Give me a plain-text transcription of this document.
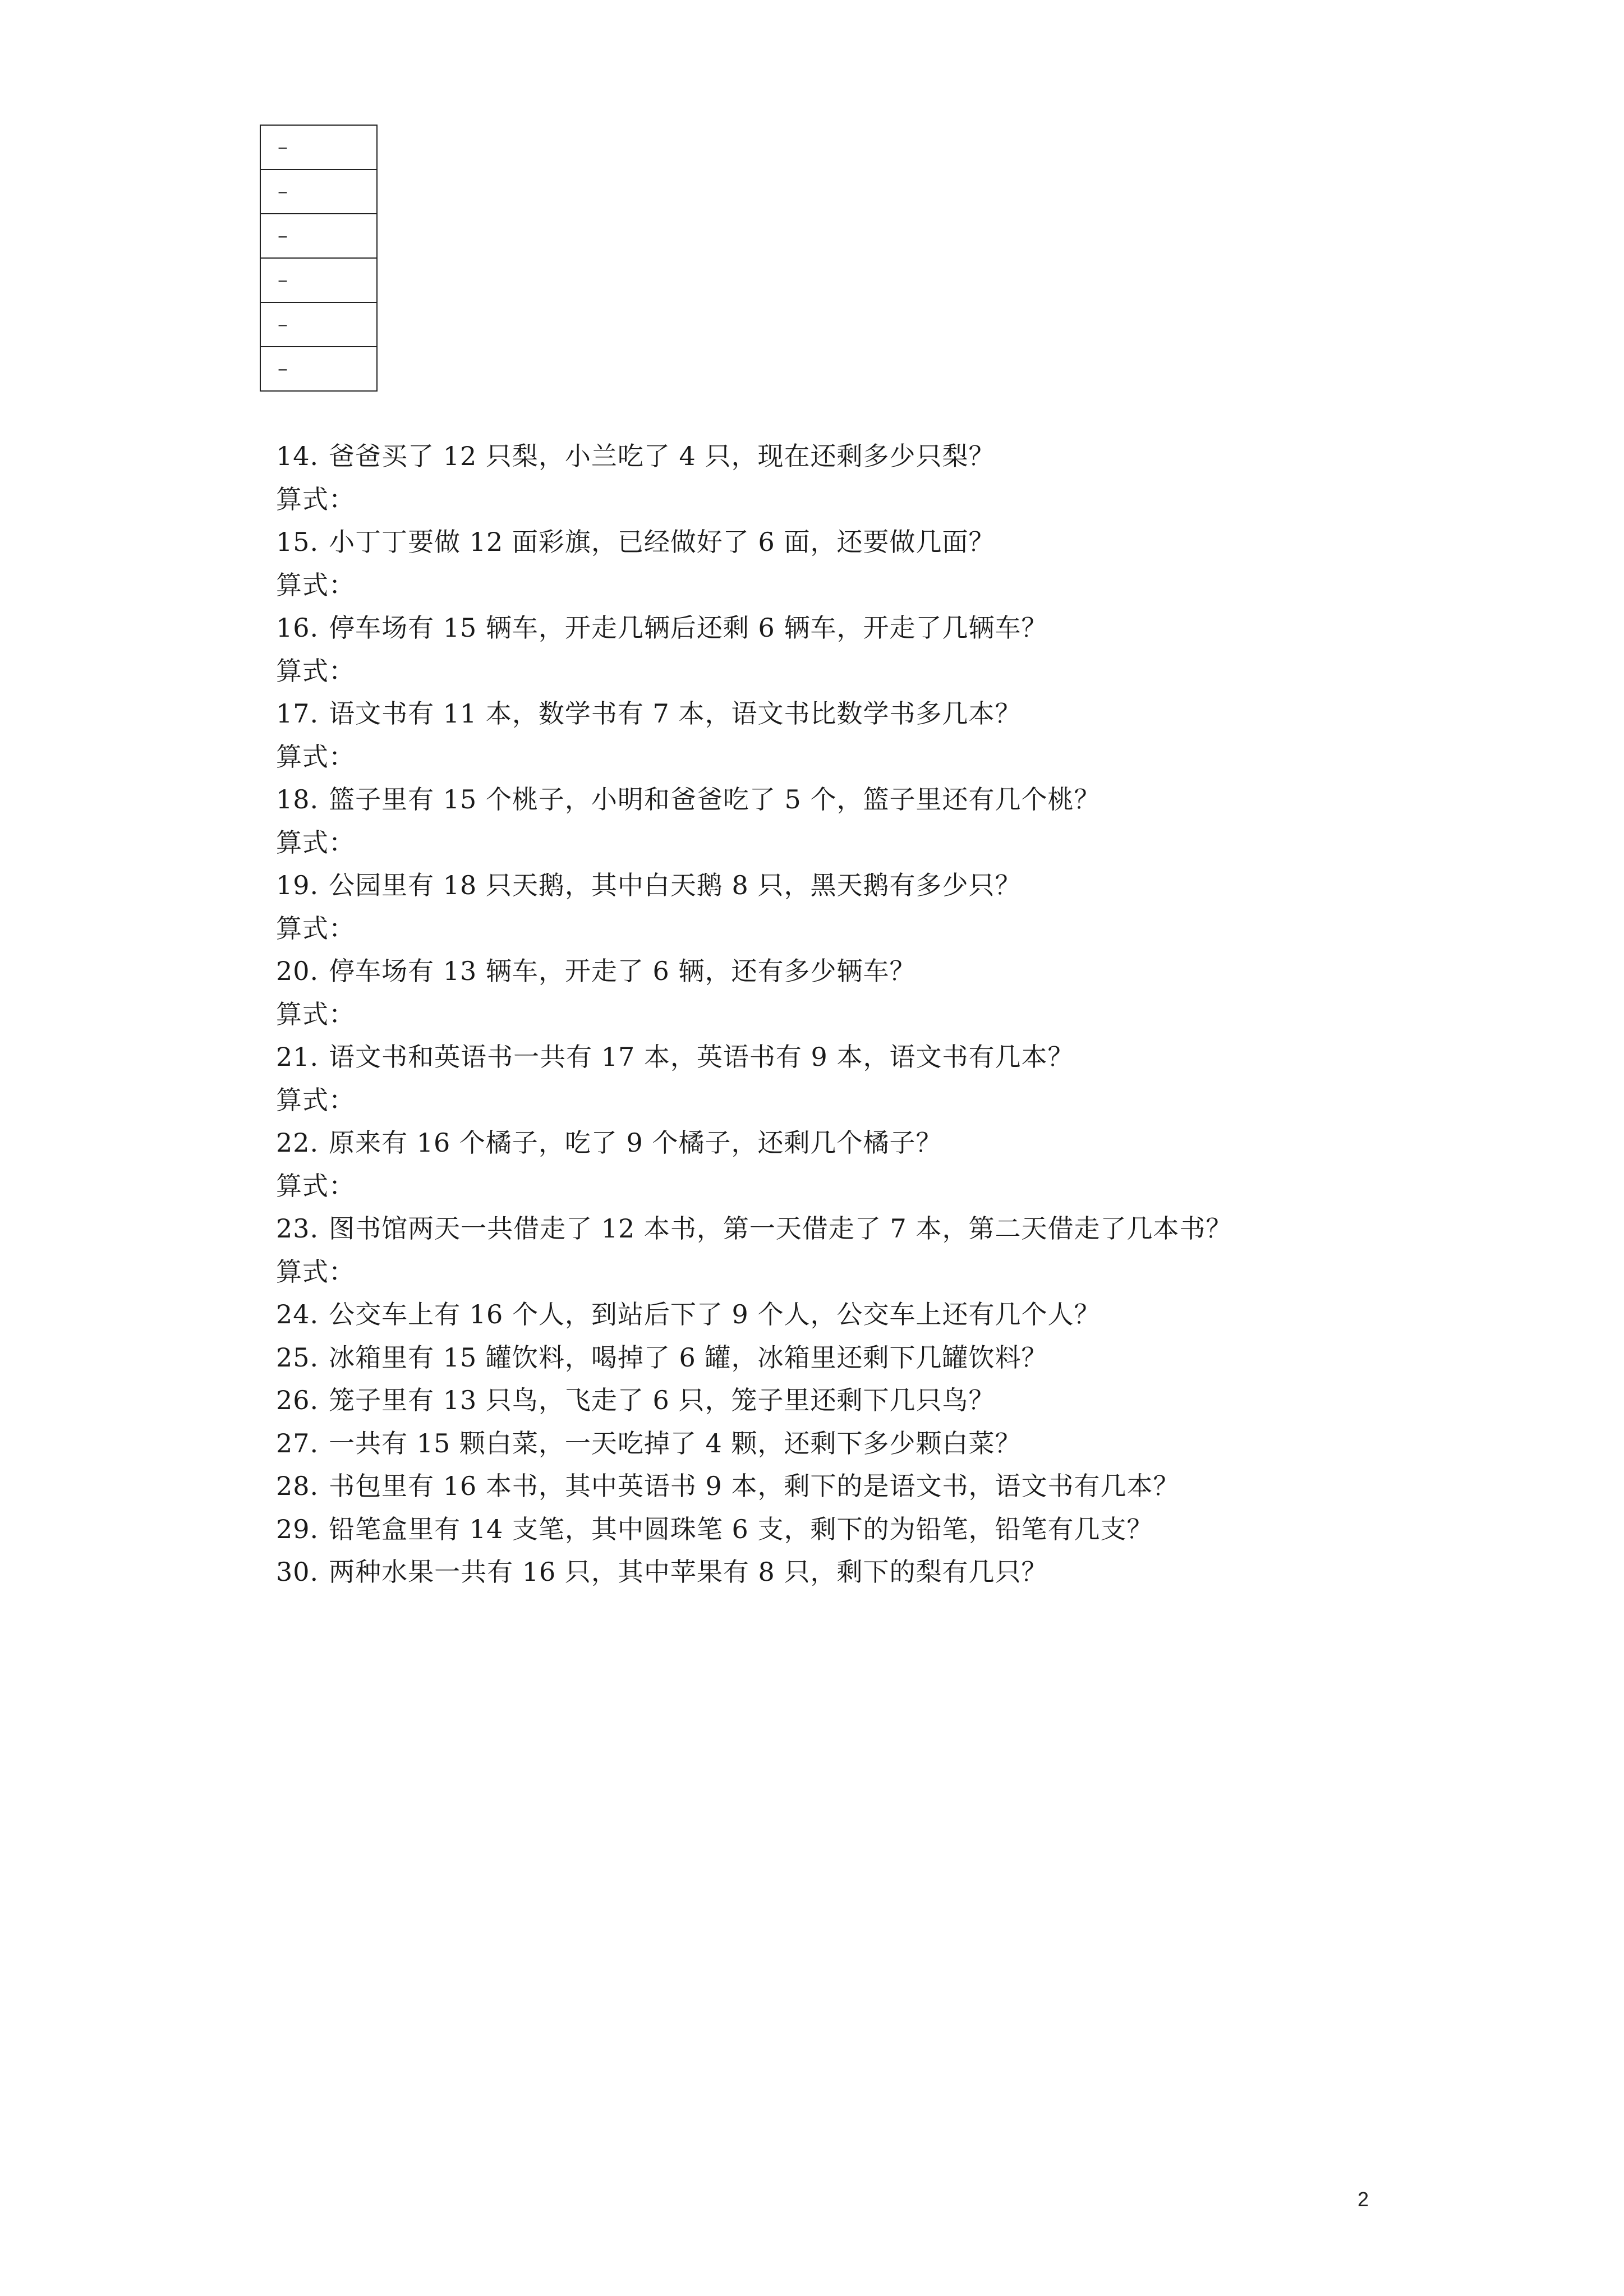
–
–
–
–
–
–
14. 爸爸买了 12 只梨，小兰吃了 4 只，现在还剩多少只梨？
算式：
15. 小丁丁要做 12 面彩旗，已经做好了 6 面，还要做几面？
算式：
16. 停车场有 15 辆车，开走几辆后还剩 6 辆车，开走了几辆车？
算式：
17. 语文书有 11 本，数学书有 7 本，语文书比数学书多几本？
算式：
18. 篮子里有 15 个桃子，小明和爸爸吃了 5 个，篮子里还有几个桃？
算式：
19. 公园里有 18 只天鹅，其中白天鹅 8 只，黑天鹅有多少只？
算式：
20. 停车场有 13 辆车，开走了 6 辆，还有多少辆车？
算式：
21. 语文书和英语书一共有 17 本，英语书有 9 本，语文书有几本？
算式：
22. 原来有 16 个橘子，吃了 9 个橘子，还剩几个橘子？
算式：
23. 图书馆两天一共借走了 12 本书，第一天借走了 7 本，第二天借走了几本书？
算式：
24. 公交车上有 16 个人，到站后下了 9 个人，公交车上还有几个人？
25. 冰箱里有 15 罐饮料，喝掉了 6 罐，冰箱里还剩下几罐饮料？
26. 笼子里有 13 只鸟，飞走了 6 只，笼子里还剩下几只鸟？
27. 一共有 15 颗白菜，一天吃掉了 4 颗，还剩下多少颗白菜？
28. 书包里有 16 本书，其中英语书 9 本，剩下的是语文书，语文书有几本？
29. 铅笔盒里有 14 支笔，其中圆珠笔 6 支，剩下的为铅笔，铅笔有几支？
30. 两种水果一共有 16 只，其中苹果有 8 只，剩下的梨有几只？
2
